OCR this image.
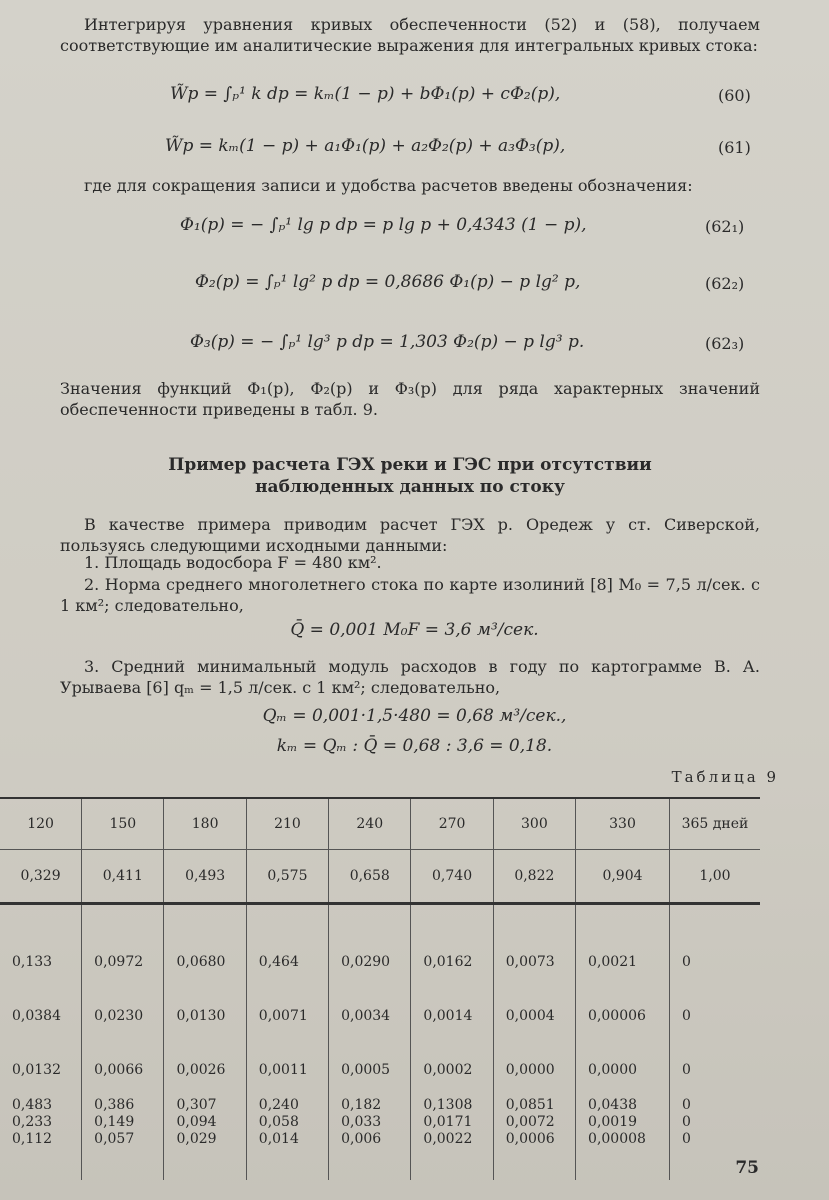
Интегрируя уравнения кривых обеспеченности (52) и (58), получаем соответствующие им аналитические выражения для интегральных кривых стока:
W̃p = ∫ₚ¹ k dp = kₘ(1 − p) + bΦ₁(p) + cΦ₂(p),	(60)
W̃p = kₘ(1 − p) + a₁Φ₁(p) + a₂Φ₂(p) + a₃Φ₃(p),	(61)
где для сокращения записи и удобства расчетов введены обозначения:
Φ₁(p) = − ∫ₚ¹ lg p dp = p lg p + 0,4343 (1 − p),	(62₁)
Φ₂(p) = ∫ₚ¹ lg² p dp = 0,8686 Φ₁(p) − p lg² p,	(62₂)
Φ₃(p) = − ∫ₚ¹ lg³ p dp = 1,303 Φ₂(p) − p lg³ p.	(62₃)
Значения функций Φ₁(p), Φ₂(p) и Φ₃(p) для ряда характерных значений обеспеченности приведены в табл. 9.
Пример расчета ГЭХ реки и ГЭС при отсутствии
наблюденных данных по стоку
В качестве примера приводим расчет ГЭХ р. Оредеж у ст. Сиверской, пользуясь следующими исходными данными:
1. Площадь водосбора F = 480 км².
2. Норма среднего многолетнего стока по карте изолиний [8] M₀ = 7,5 л/сек. с 1 км²; следовательно,
Q̄ = 0,001 M₀F = 3,6 м³/сек.
3. Средний минимальный модуль расходов в году по картограмме В. А. Урываева [6] qₘ = 1,5 л/сек. с 1 км²; следовательно,
Qₘ = 0,001·1,5·480 = 0,68 м³/сек.,
kₘ = Qₘ : Q̄ = 0,68 : 3,6 = 0,18.
Таблица 9
120	150	180	210	240	270	300	330	365 дней
0,329	0,411	0,493	0,575	0,658	0,740	0,822	0,904	1,00

0,133	0,0972	0,0680	0,464	0,0290	0,0162	0,0073	0,0021	0
0,0384	0,0230	0,0130	0,0071	0,0034	0,0014	0,0004	0,00006	0
0,0132	0,0066	0,0026	0,0011	0,0005	0,0002	0,0000	0,0000	0
0,483	0,386	0,307	0,240	0,182	0,1308	0,0851	0,0438	0
0,233	0,149	0,094	0,058	0,033	0,0171	0,0072	0,0019	0
0,112	0,057	0,029	0,014	0,006	0,0022	0,0006	0,00008	0

75
